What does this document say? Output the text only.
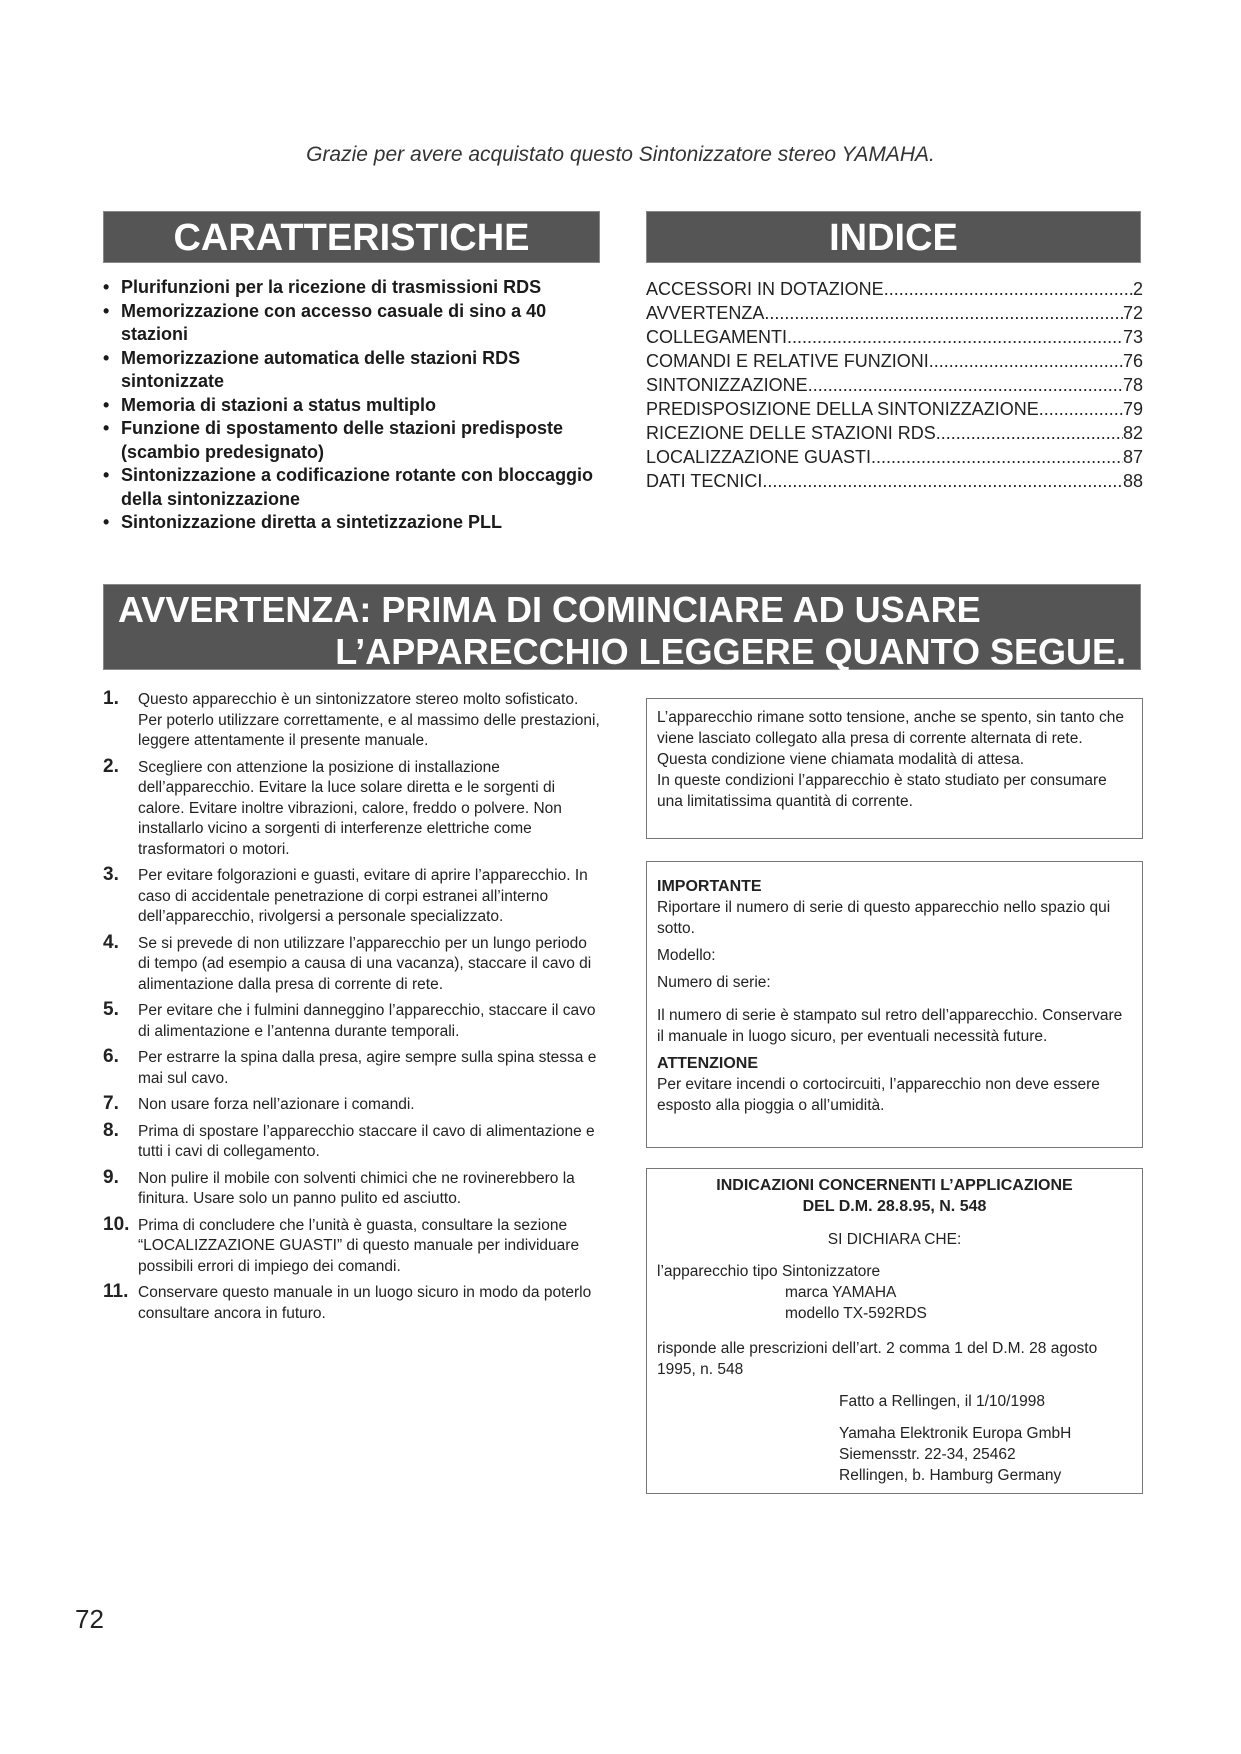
Grazie per avere acquistato questo Sintonizzatore stereo YAMAHA.
CARATTERISTICHE	INDICE
• Plurifunzioni per la ricezione di trasmissioni RDS
• Memorizzazione con accesso casuale di sino a 40 stazioni
• Memorizzazione automatica delle stazioni RDS sintonizzate
• Memoria di stazioni a status multiplo
• Funzione di spostamento delle stazioni predisposte (scambio predesignato)
• Sintonizzazione a codificazione rotante con bloccaggio della sintonizzazione
• Sintonizzazione diretta a sintetizzazione PLL
ACCESSORI IN DOTAZIONE .....	2
AVVERTENZA .....	72
COLLEGAMENTI .....	73
COMANDI E RELATIVE FUNZIONI .....	76
SINTONIZZAZIONE .....	78
PREDISPOSIZIONE DELLA SINTONIZZAZIONE .....	79
RICEZIONE DELLE STAZIONI RDS .....	82
LOCALIZZAZIONE GUASTI .....	87
DATI TECNICI .....	88
AVVERTENZA: PRIMA DI COMINCIARE AD USARE
L’APPARECCHIO LEGGERE QUANTO SEGUE.
1. Questo apparecchio è un sintonizzatore stereo molto sofisticato. Per poterlo utilizzare correttamente, e al massimo delle prestazioni, leggere attentamente il presente manuale.
2. Scegliere con attenzione la posizione di installazione dell’apparecchio. Evitare la luce solare diretta e le sorgenti di calore. Evitare inoltre vibrazioni, calore, freddo o polvere. Non installarlo vicino a sorgenti di interferenze elettriche come trasformatori o motori.
3. Per evitare folgorazioni e guasti, evitare di aprire l’apparecchio. In caso di accidentale penetrazione di corpi estranei all’interno dell’apparecchio, rivolgersi a personale specializzato.
4. Se si prevede di non utilizzare l’apparecchio per un lungo periodo di tempo (ad esempio a causa di una vacanza), staccare il cavo di alimentazione dalla presa di corrente di rete.
5. Per evitare che i fulmini danneggino l’apparecchio, staccare il cavo di alimentazione e l’antenna durante temporali.
6. Per estrarre la spina dalla presa, agire sempre sulla spina stessa e mai sul cavo.
7. Non usare forza nell’azionare i comandi.
8. Prima di spostare l’apparecchio staccare il cavo di alimentazione e tutti i cavi di collegamento.
9. Non pulire il mobile con solventi chimici che ne rovinerebbero la finitura. Usare solo un panno pulito ed asciutto.
10. Prima di concludere che l’unità è guasta, consultare la sezione “LOCALIZZAZIONE GUASTI” di questo manuale per individuare possibili errori di impiego dei comandi.
11. Conservare questo manuale in un luogo sicuro in modo da poterlo consultare ancora in futuro.
L’apparecchio rimane sotto tensione, anche se spento, sin tanto che viene lasciato collegato alla presa di corrente alternata di rete. Questa condizione viene chiamata modalità di attesa.
In queste condizioni l’apparecchio è stato studiato per consumare una limitatissima quantità di corrente.
IMPORTANTE
Riportare il numero di serie di questo apparecchio nello spazio qui sotto.
Modello:
Numero di serie:
Il numero di serie è stampato sul retro dell’apparecchio. Conservare il manuale in luogo sicuro, per eventuali necessità future.
ATTENZIONE
Per evitare incendi o cortocircuiti, l’apparecchio non deve essere esposto alla pioggia o all’umidità.
INDICAZIONI CONCERNENTI L’APPLICAZIONE
DEL D.M. 28.8.95, N. 548
SI DICHIARA CHE:
l’apparecchio tipo Sintonizzatore
marca YAMAHA
modello TX-592RDS
risponde alle prescrizioni dell’art. 2 comma 1 del D.M. 28 agosto 1995, n. 548
Fatto a Rellingen, il 1/10/1998
Yamaha Elektronik Europa GmbH
Siemensstr. 22-34, 25462
Rellingen, b. Hamburg Germany
72
